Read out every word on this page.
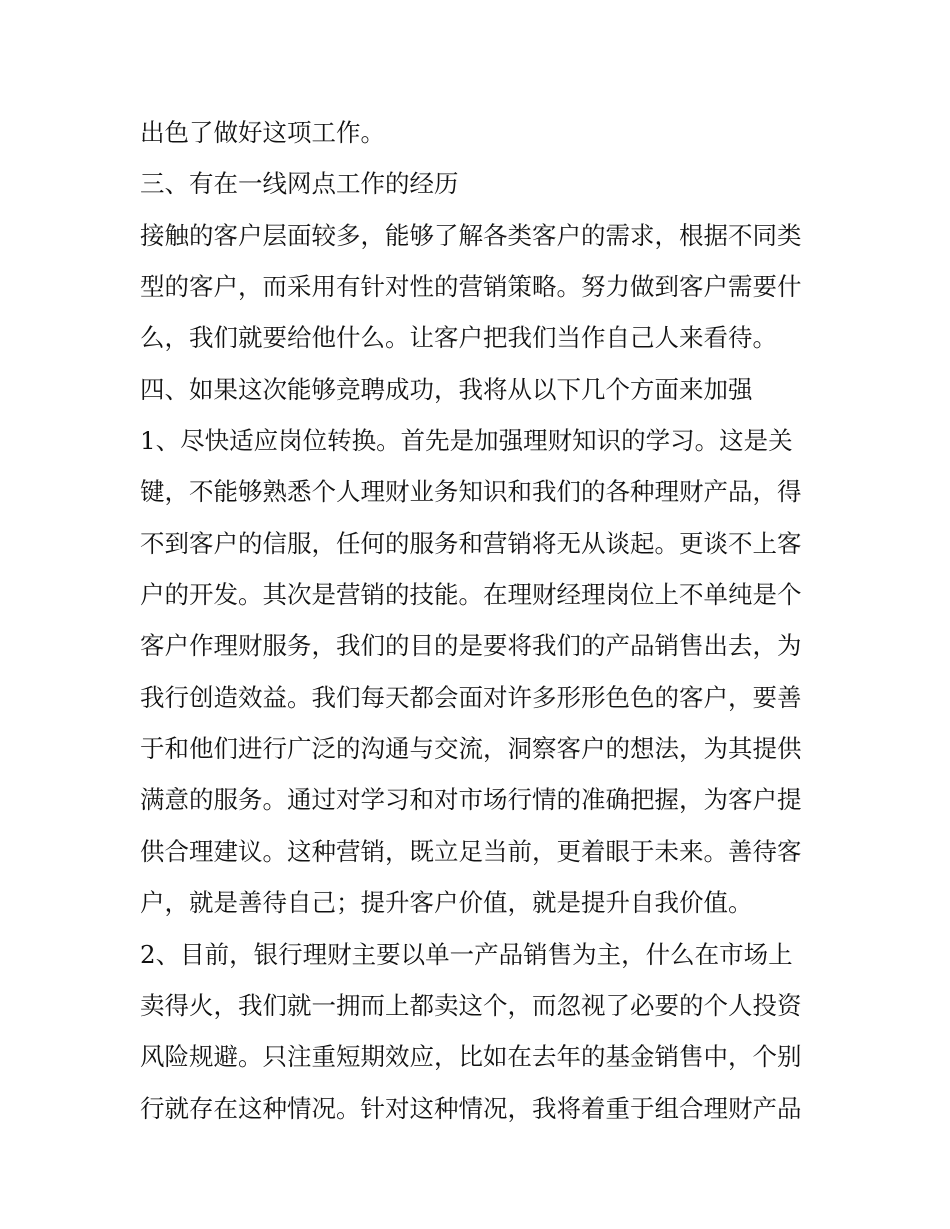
出色了做好这项工作。
三、有在一线网点工作的经历
接触的客户层面较多，能够了解各类客户的需求，根据不同类
型的客户，而采用有针对性的营销策略。努力做到客户需要什
么，我们就要给他什么。让客户把我们当作自己人来看待。
四、如果这次能够竞聘成功，我将从以下几个方面来加强
1、尽快适应岗位转换。首先是加强理财知识的学习。这是关
键，不能够熟悉个人理财业务知识和我们的各种理财产品，得
不到客户的信服，任何的服务和营销将无从谈起。更谈不上客
户的开发。其次是营销的技能。在理财经理岗位上不单纯是个
客户作理财服务，我们的目的是要将我们的产品销售出去，为
我行创造效益。我们每天都会面对许多形形色色的客户，要善
于和他们进行广泛的沟通与交流，洞察客户的想法，为其提供
满意的服务。通过对学习和对市场行情的准确把握，为客户提
供合理建议。这种营销，既立足当前，更着眼于未来。善待客
户，就是善待自己；提升客户价值，就是提升自我价值。
2、目前，银行理财主要以单一产品销售为主，什么在市场上
卖得火，我们就一拥而上都卖这个，而忽视了必要的个人投资
风险规避。只注重短期效应，比如在去年的基金销售中，个别
行就存在这种情况。针对这种情况，我将着重于组合理财产品
